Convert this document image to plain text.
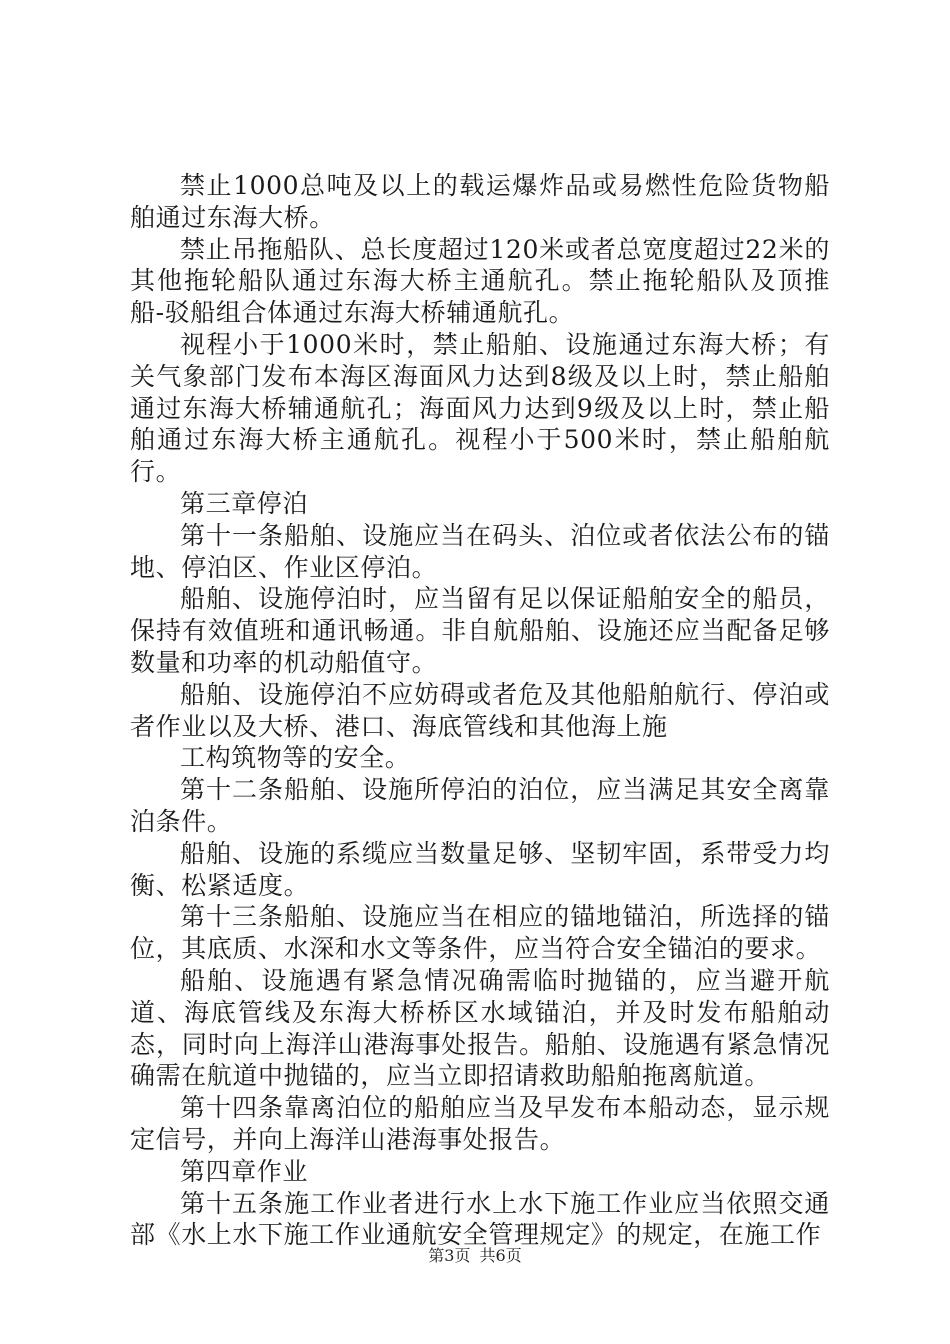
禁止1000总吨及以上的载运爆炸品或易燃性危险货物船舶通过东海大桥。

禁止吊拖船队、总长度超过120米或者总宽度超过22米的其他拖轮船队通过东海大桥主通航孔。禁止拖轮船队及顶推船-驳船组合体通过东海大桥辅通航孔。

视程小于1000米时，禁止船舶、设施通过东海大桥；有关气象部门发布本海区海面风力达到8级及以上时，禁止船舶通过东海大桥辅通航孔；海面风力达到9级及以上时，禁止船舶通过东海大桥主通航孔。视程小于500米时，禁止船舶航行。

第三章停泊

第十一条船舶、设施应当在码头、泊位或者依法公布的锚地、停泊区、作业区停泊。

船舶、设施停泊时，应当留有足以保证船舶安全的船员，保持有效值班和通讯畅通。非自航船舶、设施还应当配备足够数量和功率的机动船值守。

船舶、设施停泊不应妨碍或者危及其他船舶航行、停泊或者作业以及大桥、港口、海底管线和其他海上施

工构筑物等的安全。

第十二条船舶、设施所停泊的泊位，应当满足其安全离靠泊条件。

船舶、设施的系缆应当数量足够、坚韧牢固，系带受力均衡、松紧适度。

第十三条船舶、设施应当在相应的锚地锚泊，所选择的锚位，其底质、水深和水文等条件，应当符合安全锚泊的要求。

船舶、设施遇有紧急情况确需临时抛锚的，应当避开航道、海底管线及东海大桥桥区水域锚泊，并及时发布船舶动态，同时向上海洋山港海事处报告。船舶、设施遇有紧急情况确需在航道中抛锚的，应当立即招请救助船舶拖离航道。

第十四条靠离泊位的船舶应当及早发布本船动态，显示规定信号，并向上海洋山港海事处报告。

第四章作业

第十五条施工作业者进行水上水下施工作业应当依照交通部《水上水下施工作业通航安全管理规定》的规定，在施工作

第3页 共6页
